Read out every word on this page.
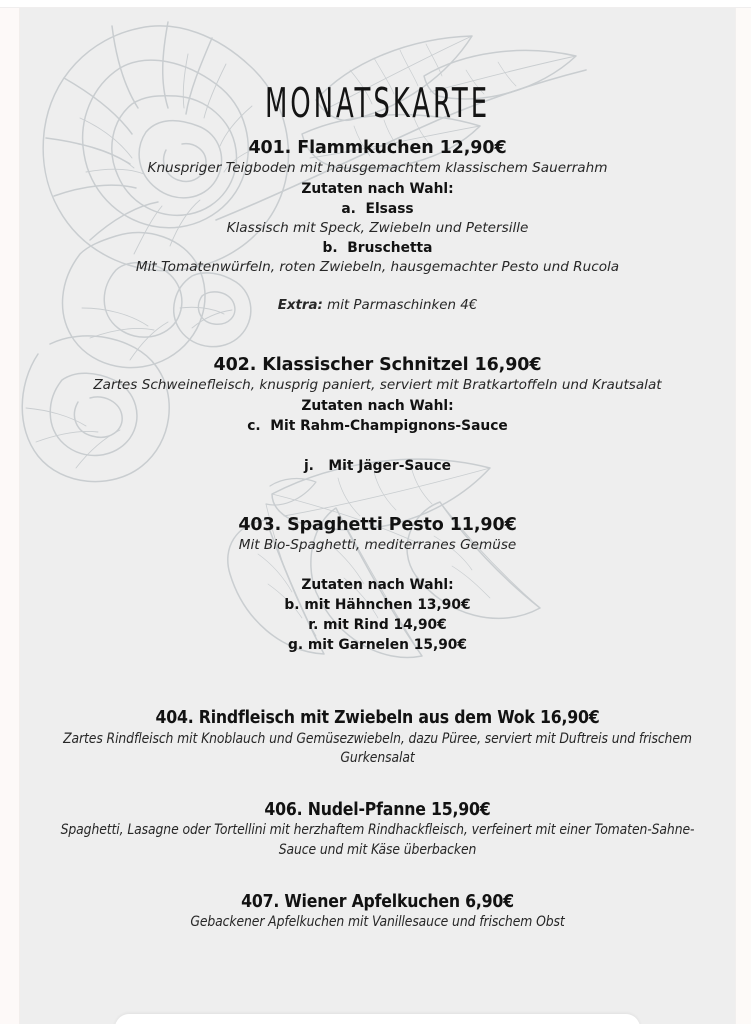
MONATSKARTE
401. Flammkuchen 12,90€
Knuspriger Teigboden mit hausgemachtem klassischem Sauerrahm
Zutaten nach Wahl:
a. Elsass
Klassisch mit Speck, Zwiebeln und Petersille
b. Bruschetta
Mit Tomatenwürfeln, roten Zwiebeln, hausgemachter Pesto und Rucola
Extra: mit Parmaschinken 4€
402. Klassischer Schnitzel 16,90€
Zartes Schweinefleisch, knusprig paniert, serviert mit Bratkartoffeln und Krautsalat
Zutaten nach Wahl:
c. Mit Rahm-Champignons-Sauce
j. Mit Jäger-Sauce
403. Spaghetti Pesto 11,90€
Mit Bio-Spaghetti, mediterranes Gemüse
Zutaten nach Wahl:
b. mit Hähnchen 13,90€
r. mit Rind 14,90€
g. mit Garnelen 15,90€
404. Rindfleisch mit Zwiebeln aus dem Wok 16,90€
Zartes Rindfleisch mit Knoblauch und Gemüsezwiebeln, dazu Püree, serviert mit Duftreis und frischem Gurkensalat
406. Nudel-Pfanne 15,90€
Spaghetti, Lasagne oder Tortellini mit herzhaftem Rindhackfleisch, verfeinert mit einer Tomaten-Sahne-Sauce und mit Käse überbacken
407. Wiener Apfelkuchen 6,90€
Gebackener Apfelkuchen mit Vanillesauce und frischem Obst
